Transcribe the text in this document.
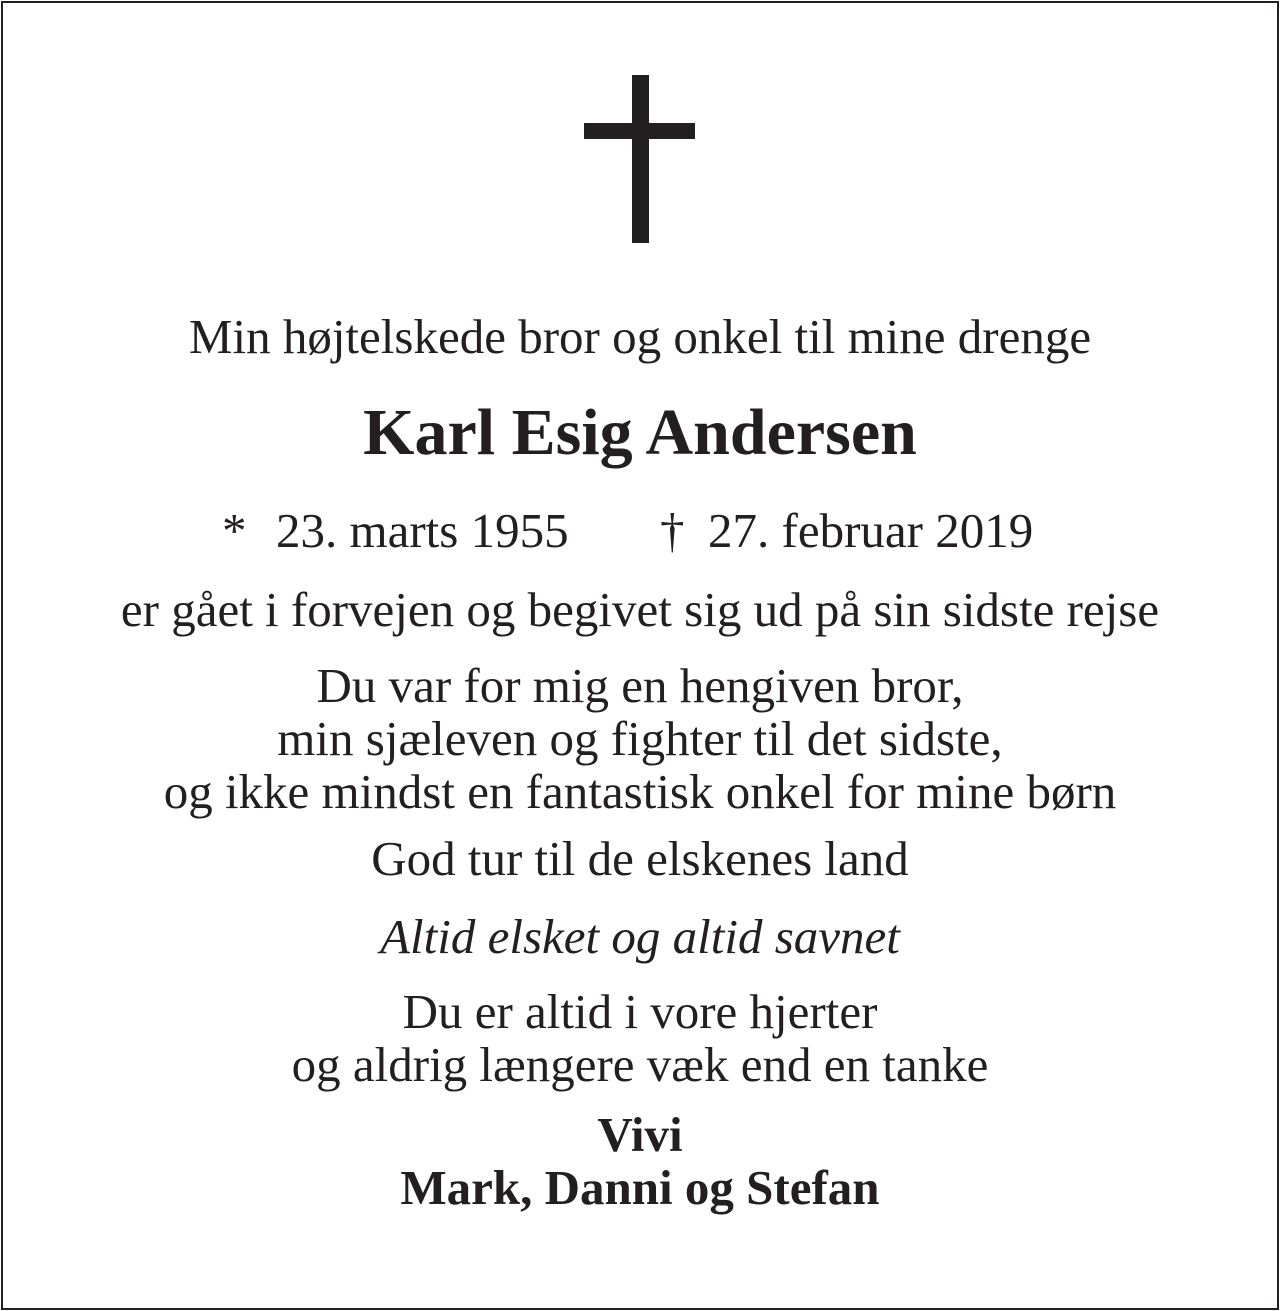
Min højtelskede bror og onkel til mine drenge
Karl Esig Andersen
* 23. marts 1955 † 27. februar 2019
er gået i forvejen og begivet sig ud på sin sidste rejse
Du var for mig en hengiven bror,
min sjæleven og fighter til det sidste,
og ikke mindst en fantastisk onkel for mine børn
God tur til de elskenes land
Altid elsket og altid savnet
Du er altid i vore hjerter
og aldrig længere væk end en tanke
Vivi
Mark, Danni og Stefan
